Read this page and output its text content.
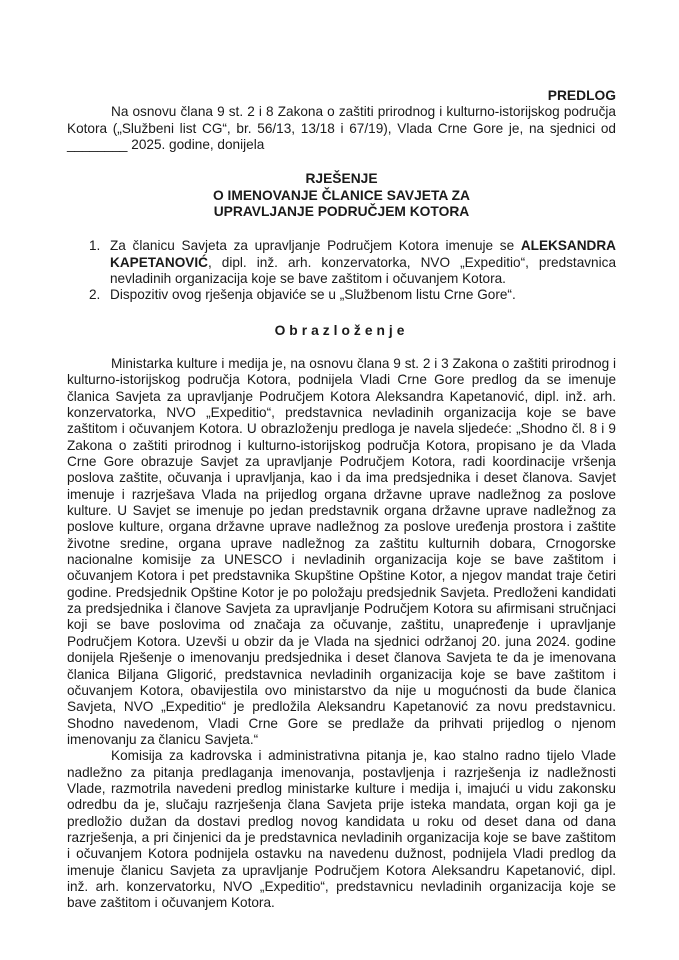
PREDLOG

Na osnovu člana 9 st. 2 i 8 Zakona o zaštiti prirodnog i kulturno-istorijskog područja Kotora („Službeni list CG“, br. 56/13, 13/18 i 67/19), Vlada Crne Gore je, na sjednici od ________ 2025. godine, donijela

RJEŠENJE

O IMENOVANJE ČLANICE SAVJETA ZA

UPRAVLJANJE PODRUČJEM KOTORA

1. Za članicu Savjeta za upravljanje Područjem Kotora imenuje se ALEKSANDRA KAPETANOVIĆ, dipl. inž. arh. konzervatorka, NVO „Expeditio“, predstavnica nevladinih organizacija koje se bave zaštitom i očuvanjem Kotora.
2. Dispozitiv ovog rješenja objaviće se u „Službenom listu Crne Gore“.

Obrazloženje

Ministarka kulture i medija je, na osnovu člana 9 st. 2 i 3 Zakona o zaštiti prirodnog i kulturno-istorijskog područja Kotora, podnijela Vladi Crne Gore predlog da se imenuje članica Savjeta za upravljanje Područjem Kotora Aleksandra Kapetanović, dipl. inž. arh. konzervatorka, NVO „Expeditio“, predstavnica nevladinih organizacija koje se bave zaštitom i očuvanjem Kotora. U obrazloženju predloga je navela sljedeće: „Shodno čl. 8 i 9 Zakona o zaštiti prirodnog i kulturno-istorijskog područja Kotora, propisano je da Vlada Crne Gore obrazuje Savjet za upravljanje Područjem Kotora, radi koordinacije vršenja poslova zaštite, očuvanja i upravljanja, kao i da ima predsjednika i deset članova. Savjet imenuje i razrješava Vlada na prijedlog organa državne uprave nadležnog za poslove kulture. U Savjet se imenuje po jedan predstavnik organa državne uprave nadležnog za poslove kulture, organa državne uprave nadležnog za poslove uređenja prostora i zaštite životne sredine, organa uprave nadležnog za zaštitu kulturnih dobara, Crnogorske nacionalne komisije za UNESCO i nevladinih organizacija koje se bave zaštitom i očuvanjem Kotora i pet predstavnika Skupštine Opštine Kotor, a njegov mandat traje četiri godine. Predsjednik Opštine Kotor je po položaju predsjednik Savjeta. Predloženi kandidati za predsjednika i članove Savjeta za upravljanje Područjem Kotora su afirmisani stručnjaci koji se bave poslovima od značaja za očuvanje, zaštitu, unapređenje i upravljanje Područjem Kotora. Uzevši u obzir da je Vlada na sjednici održanoj 20. juna 2024. godine donijela Rješenje o imenovanju predsjednika i deset članova Savjeta te da je imenovana članica Biljana Gligorić, predstavnica nevladinih organizacija koje se bave zaštitom i očuvanjem Kotora, obavijestila ovo ministarstvo da nije u mogućnosti da bude članica Savjeta, NVO „Expeditio“ je predložila Aleksandru Kapetanović za novu predstavnicu. Shodno navedenom, Vladi Crne Gore se predlaže da prihvati prijedlog o njenom imenovanju za članicu Savjeta.“

Komisija za kadrovska i administrativna pitanja je, kao stalno radno tijelo Vlade nadležno za pitanja predlaganja imenovanja, postavljenja i razrješenja iz nadležnosti Vlade, razmotrila navedeni predlog ministarke kulture i medija i, imajući u vidu zakonsku odredbu da je, slučaju razrješenja člana Savjeta prije isteka mandata, organ koji ga je predložio dužan da dostavi predlog novog kandidata u roku od deset dana od dana razrješenja, a pri činjenici da je predstavnica nevladinih organizacija koje se bave zaštitom i očuvanjem Kotora podnijela ostavku na navedenu dužnost, podnijela Vladi predlog da imenuje članicu Savjeta za upravljanje Područjem Kotora Aleksandru Kapetanović, dipl. inž. arh. konzervatorku, NVO „Expeditio“, predstavnicu nevladinih organizacija koje se bave zaštitom i očuvanjem Kotora.
